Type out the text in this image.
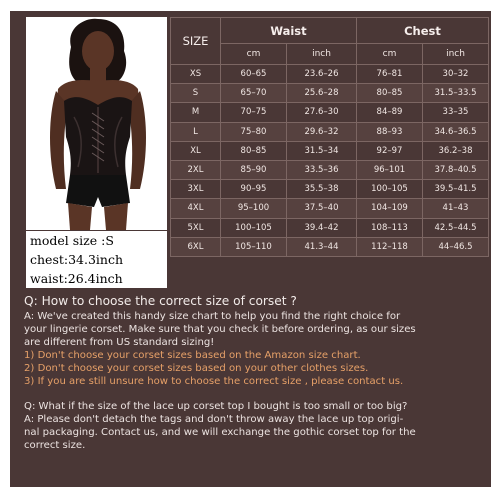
model size :S
chest:34.3inch
waist:26.4inch
SIZE	Waist		Chest	
	cm	inch	cm	inch
XS	60–65	23.6–26	76–81	30–32
S	65–70	25.6–28	80–85	31.5–33.5
M	70–75	27.6–30	84–89	33–35
L	75–80	29.6–32	88–93	34.6–36.5
XL	80–85	31.5–34	92–97	36.2–38
2XL	85–90	33.5–36	96–101	37.8–40.5
3XL	90–95	35.5–38	100–105	39.5–41.5
4XL	95–100	37.5–40	104–109	41–43
5XL	100–105	39.4–42	108–113	42.5–44.5
6XL	105–110	41.3–44	112–118	44–46.5

Q: How to choose the correct size of corset ?

A: We've created this handy size chart to help you find the right choice for

your lingerie corset. Make sure that you check it before ordering, as our sizes

are different from US standard sizing!

1) Don't choose your corset sizes based on the Amazon size chart.

2) Don't choose your corset sizes based on your other clothes sizes.

3) If you are still unsure how to choose the correct size , please contact us.

Q: What if the size of the lace up corset top I bought is too small or too big?

A: Please don't detach the tags and don't throw away the lace up top origi-

nal packaging. Contact us, and we will exchange the gothic corset top for the

correct size.
